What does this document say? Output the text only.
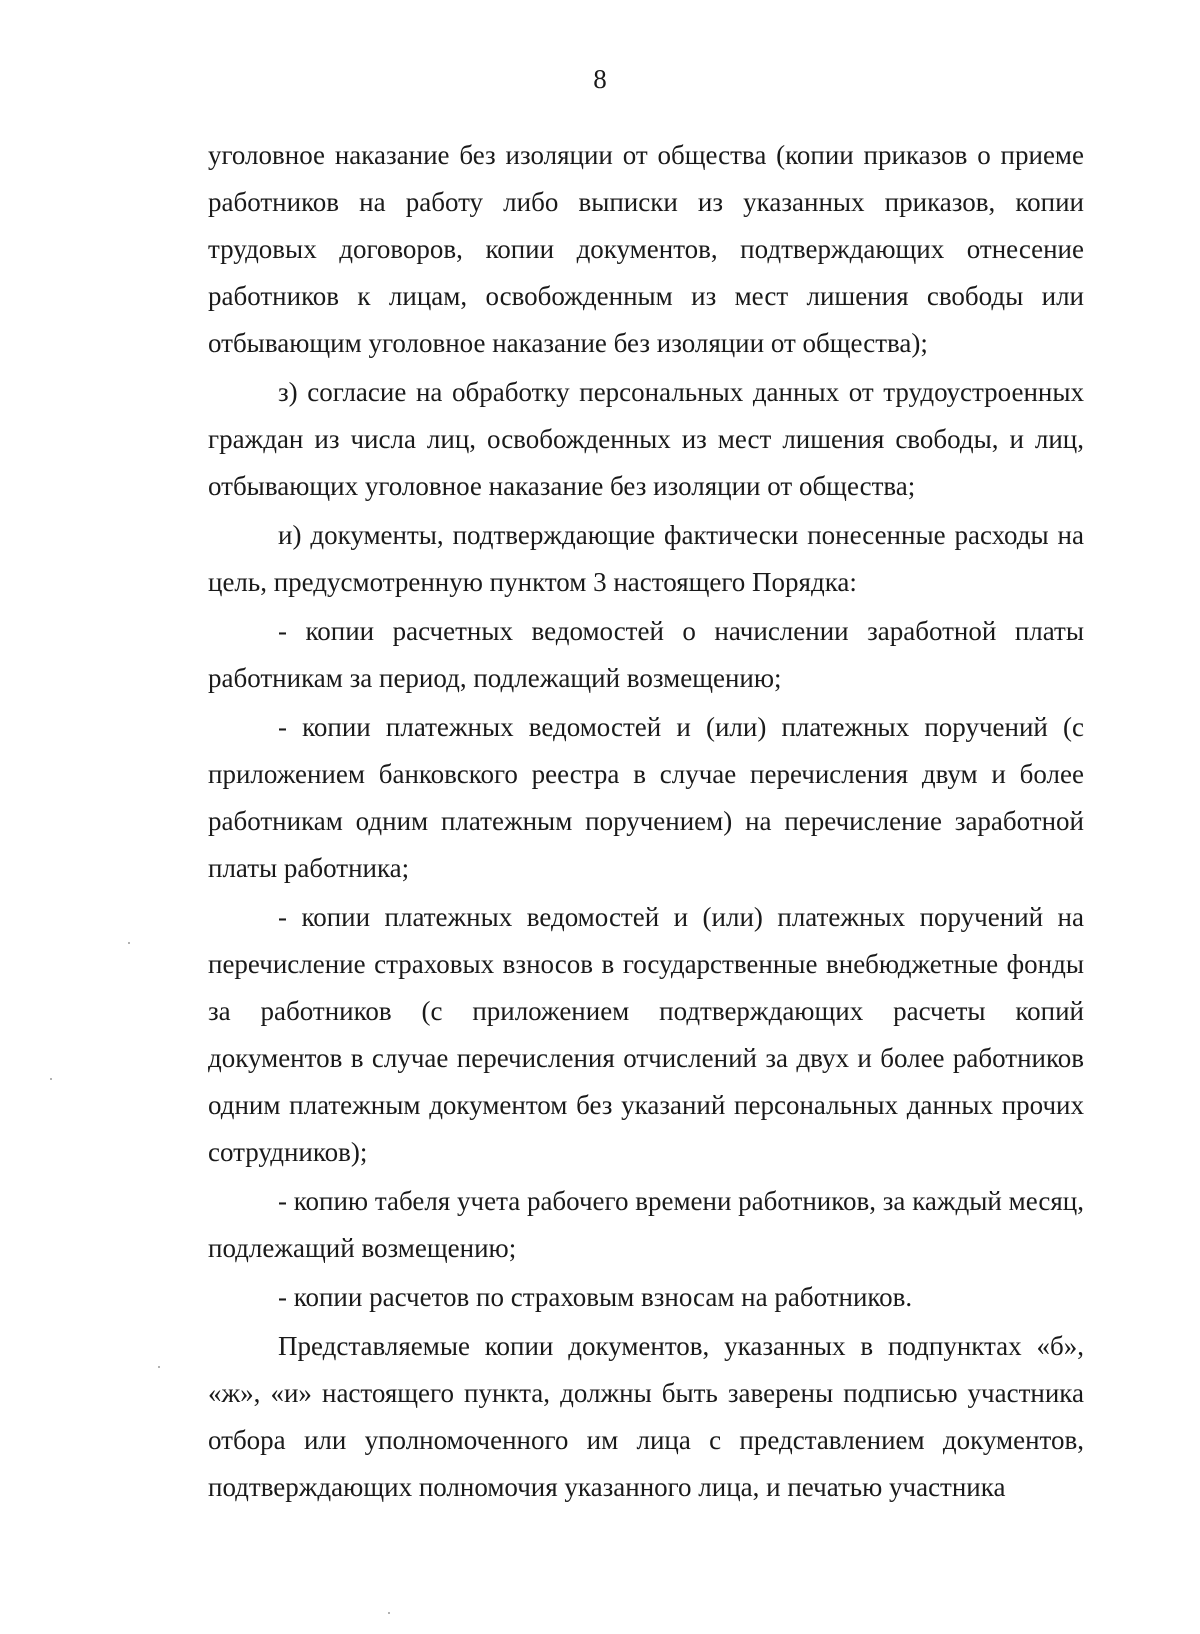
8

уголовное наказание без изоляции от общества (копии приказов о приеме работников на работу либо выписки из указанных приказов, копии трудовых договоров, копии документов, подтверждающих отнесение работников к лицам, освобожденным из мест лишения свободы или отбывающим уголовное наказание без изоляции от общества);

з) согласие на обработку персональных данных от трудоустроенных граждан из числа лиц, освобожденных из мест лишения свободы, и лиц, отбывающих уголовное наказание без изоляции от общества;

и) документы, подтверждающие фактически понесенные расходы на цель, предусмотренную пунктом 3 настоящего Порядка:

- копии расчетных ведомостей о начислении заработной платы работникам за период, подлежащий возмещению;

- копии платежных ведомостей и (или) платежных поручений (с приложением банковского реестра в случае перечисления двум и более работникам одним платежным поручением) на перечисление заработной платы работника;

- копии платежных ведомостей и (или) платежных поручений на перечисление страховых взносов в государственные внебюджетные фонды за работников (с приложением подтверждающих расчеты копий документов в случае перечисления отчислений за двух и более работников одним платежным документом без указаний персональных данных прочих сотрудников);

- копию табеля учета рабочего времени работников, за каждый месяц, подлежащий возмещению;

- копии расчетов по страховым взносам на работников.

Представляемые копии документов, указанных в подпунктах «б», «ж», «и» настоящего пункта, должны быть заверены подписью участника отбора или уполномоченного им лица с представлением документов, подтверждающих полномочия указанного лица, и печатью участника
